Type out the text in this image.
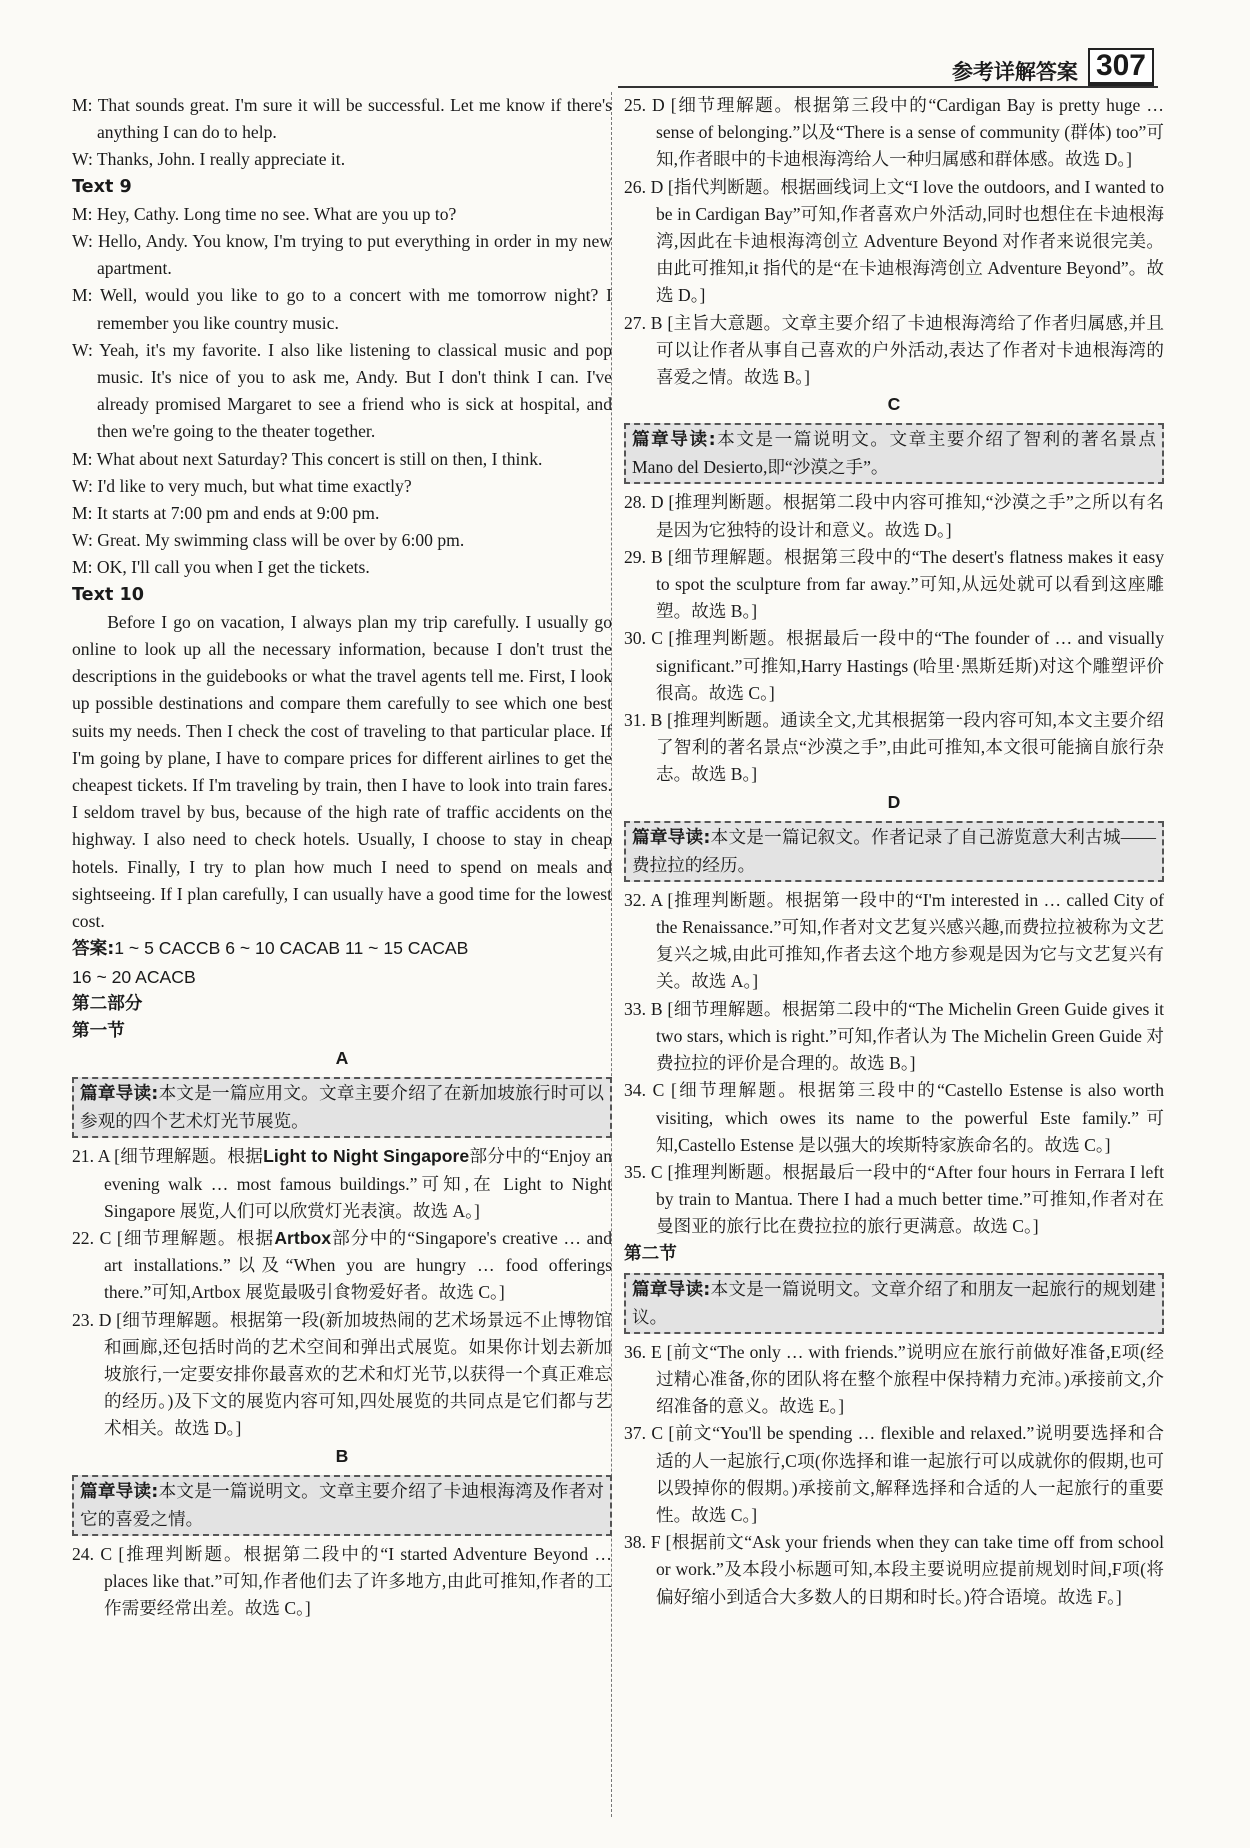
参考详解答案 307

M: That sounds great. I'm sure it will be successful. Let me know if there's anything I can do to help.

W: Thanks, John. I really appreciate it.

Text 9

M: Hey, Cathy. Long time no see. What are you up to?

W: Hello, Andy. You know, I'm trying to put everything in order in my new apartment.

M: Well, would you like to go to a concert with me tomorrow night? I remember you like country music.

W: Yeah, it's my favorite. I also like listening to classical music and pop music. It's nice of you to ask me, Andy. But I don't think I can. I've already promised Margaret to see a friend who is sick at hospital, and then we're going to the theater together.

M: What about next Saturday? This concert is still on then, I think.

W: I'd like to very much, but what time exactly?

M: It starts at 7:00 pm and ends at 9:00 pm.

W: Great. My swimming class will be over by 6:00 pm.

M: OK, I'll call you when I get the tickets.

Text 10

Before I go on vacation, I always plan my trip carefully. I usually go online to look up all the necessary information, because I don't trust the descriptions in the guidebooks or what the travel agents tell me. First, I look up possible destinations and compare them carefully to see which one best suits my needs. Then I check the cost of traveling to that particular place. If I'm going by plane, I have to compare prices for different airlines to get the cheapest tickets. If I'm traveling by train, then I have to look into train fares. I seldom travel by bus, because of the high rate of traffic accidents on the highway. I also need to check hotels. Usually, I choose to stay in cheap hotels. Finally, I try to plan how much I need to spend on meals and sightseeing. If I plan carefully, I can usually have a good time for the lowest cost.

答案:1 ~ 5 CACCB 6 ~ 10 CACAB 11 ~ 15 CACAB

16 ~ 20 ACACB

第二部分

第一节

A

篇章导读:本文是一篇应用文。文章主要介绍了在新加坡旅行时可以参观的四个艺术灯光节展览。

21. A [细节理解题。根据Light to Night Singapore部分中的“Enjoy an evening walk … most famous buildings.”可知,在 Light to Night Singapore 展览,人们可以欣赏灯光表演。故选 A。]

22. C [细节理解题。根据Artbox部分中的“Singapore's creative … and art installations.”以及“When you are hungry … food offerings there.”可知,Artbox 展览最吸引食物爱好者。故选 C。]

23. D [细节理解题。根据第一段(新加坡热闹的艺术场景远不止博物馆和画廊,还包括时尚的艺术空间和弹出式展览。如果你计划去新加坡旅行,一定要安排你最喜欢的艺术和灯光节,以获得一个真正难忘的经历。)及下文的展览内容可知,四处展览的共同点是它们都与艺术相关。故选 D。]

B

篇章导读:本文是一篇说明文。文章主要介绍了卡迪根海湾及作者对它的喜爱之情。

24. C [推理判断题。根据第二段中的“I started Adventure Beyond … places like that.”可知,作者他们去了许多地方,由此可推知,作者的工作需要经常出差。故选 C。]

25. D [细节理解题。根据第三段中的“Cardigan Bay is pretty huge … sense of belonging.”以及“There is a sense of community (群体) too”可知,作者眼中的卡迪根海湾给人一种归属感和群体感。故选 D。]

26. D [指代判断题。根据画线词上文“I love the outdoors, and I wanted to be in Cardigan Bay”可知,作者喜欢户外活动,同时也想住在卡迪根海湾,因此在卡迪根海湾创立 Adventure Beyond 对作者来说很完美。由此可推知,it 指代的是“在卡迪根海湾创立 Adventure Beyond”。故选 D。]

27. B [主旨大意题。文章主要介绍了卡迪根海湾给了作者归属感,并且可以让作者从事自己喜欢的户外活动,表达了作者对卡迪根海湾的喜爱之情。故选 B。]

C

篇章导读:本文是一篇说明文。文章主要介绍了智利的著名景点 Mano del Desierto,即“沙漠之手”。

28. D [推理判断题。根据第二段中内容可推知,“沙漠之手”之所以有名是因为它独特的设计和意义。故选 D。]

29. B [细节理解题。根据第三段中的“The desert's flatness makes it easy to spot the sculpture from far away.”可知,从远处就可以看到这座雕塑。故选 B。]

30. C [推理判断题。根据最后一段中的“The founder of … and visually significant.”可推知,Harry Hastings (哈里·黑斯廷斯)对这个雕塑评价很高。故选 C。]

31. B [推理判断题。通读全文,尤其根据第一段内容可知,本文主要介绍了智利的著名景点“沙漠之手”,由此可推知,本文很可能摘自旅行杂志。故选 B。]

D

篇章导读:本文是一篇记叙文。作者记录了自己游览意大利古城——费拉拉的经历。

32. A [推理判断题。根据第一段中的“I'm interested in … called City of the Renaissance.”可知,作者对文艺复兴感兴趣,而费拉拉被称为文艺复兴之城,由此可推知,作者去这个地方参观是因为它与文艺复兴有关。故选 A。]

33. B [细节理解题。根据第二段中的“The Michelin Green Guide gives it two stars, which is right.”可知,作者认为 The Michelin Green Guide 对费拉拉的评价是合理的。故选 B。]

34. C [细节理解题。根据第三段中的“Castello Estense is also worth visiting, which owes its name to the powerful Este family.”可知,Castello Estense 是以强大的埃斯特家族命名的。故选 C。]

35. C [推理判断题。根据最后一段中的“After four hours in Ferrara I left by train to Mantua. There I had a much better time.”可推知,作者对在曼图亚的旅行比在费拉拉的旅行更满意。故选 C。]

第二节

篇章导读:本文是一篇说明文。文章介绍了和朋友一起旅行的规划建议。

36. E [前文“The only … with friends.”说明应在旅行前做好准备,E项(经过精心准备,你的团队将在整个旅程中保持精力充沛。)承接前文,介绍准备的意义。故选 E。]

37. C [前文“You'll be spending … flexible and relaxed.”说明要选择和合适的人一起旅行,C项(你选择和谁一起旅行可以成就你的假期,也可以毁掉你的假期。)承接前文,解释选择和合适的人一起旅行的重要性。故选 C。]

38. F [根据前文“Ask your friends when they can take time off from school or work.”及本段小标题可知,本段主要说明应提前规划时间,F项(将偏好缩小到适合大多数人的日期和时长。)符合语境。故选 F。]
